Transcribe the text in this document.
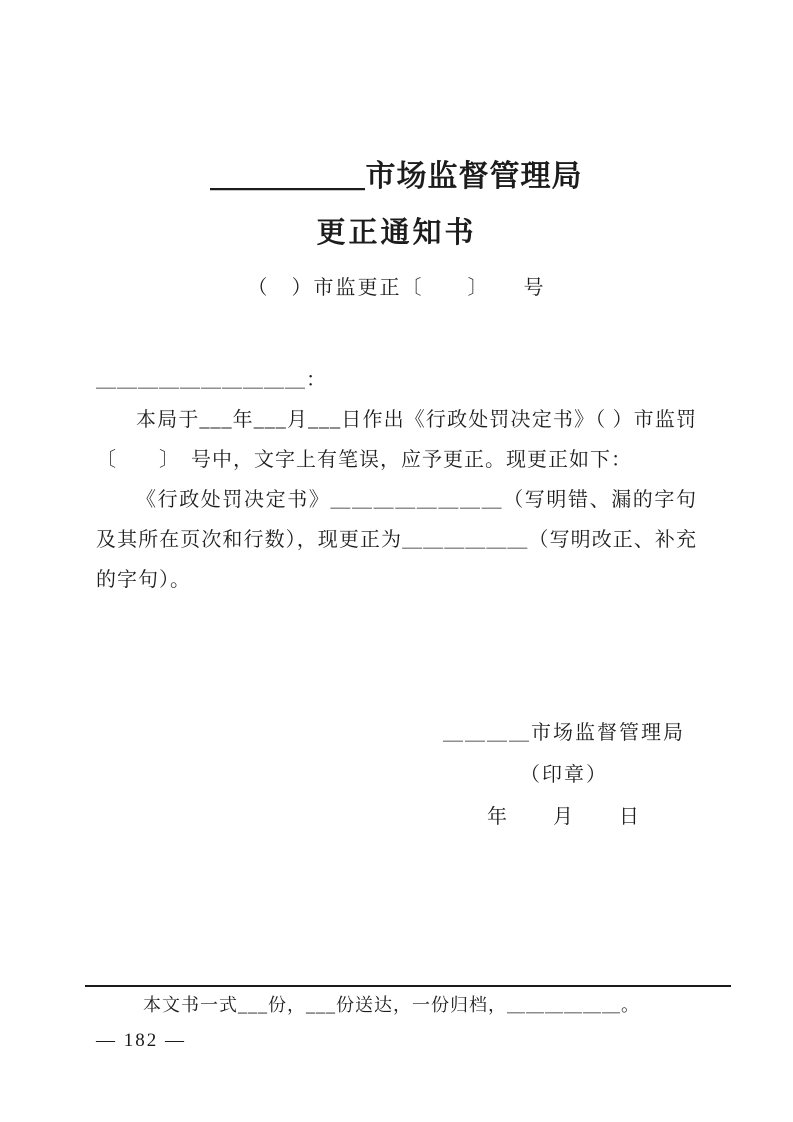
＿＿＿＿＿市场监督管理局
更正通知书
（　）市监更正〔　　〕　　号

＿＿＿＿＿＿＿＿＿＿：

本局于___年___月___日作出《行政处罚决定书》（ ）市监罚〔　　〕　号中，文字上有笔误，应予更正。现更正如下：

《行政处罚决定书》＿＿＿＿＿＿＿＿（写明错、漏的字句及其所在页次和行数），现更正为＿＿＿＿＿＿（写明改正、补充的字句）。

＿＿＿＿市场监督管理局
（印章）
年　　月　　日

本文书一式___份，___份送达，一份归档，＿＿＿＿＿＿。

— 182 —
